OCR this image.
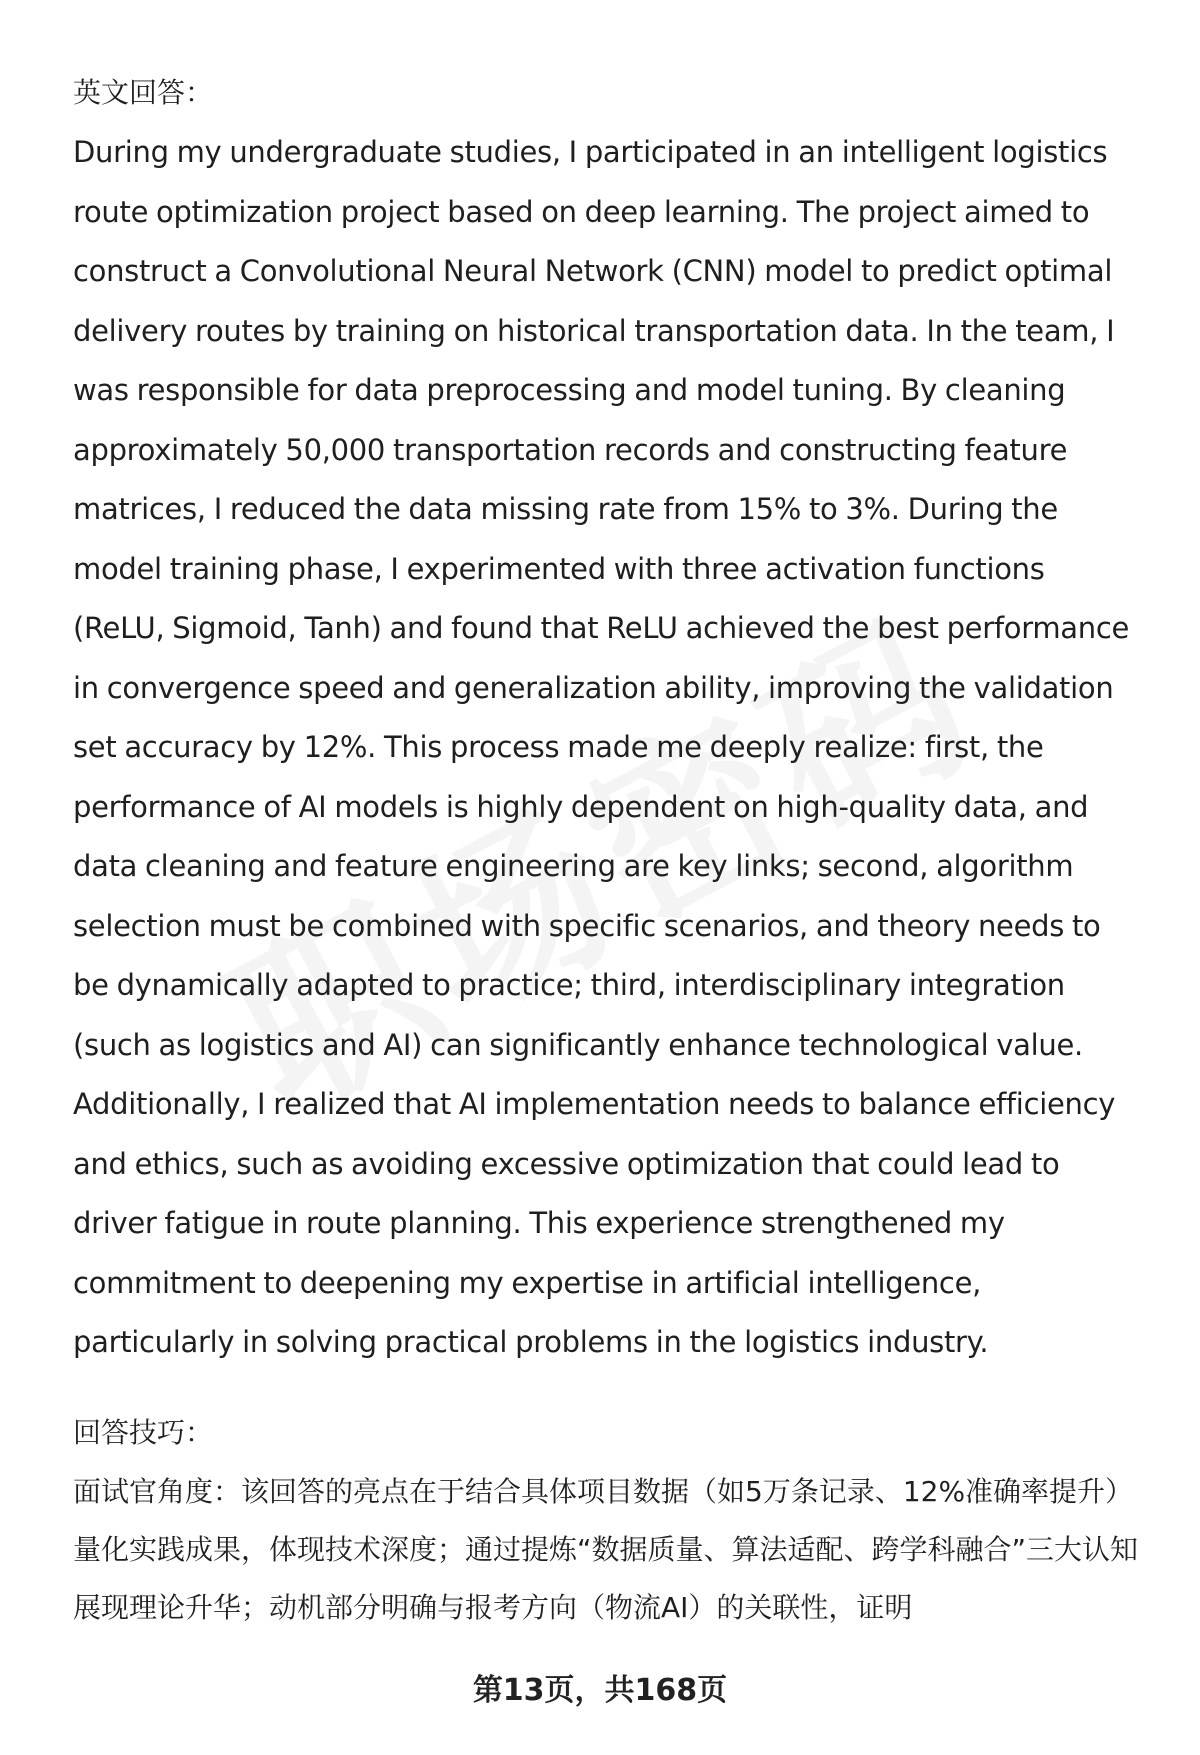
英文回答：

During my undergraduate studies, I participated in an intelligent logistics route optimization project based on deep learning. The project aimed to construct a Convolutional Neural Network (CNN) model to predict optimal delivery routes by training on historical transportation data. In the team, I was responsible for data preprocessing and model tuning. By cleaning approximately 50,000 transportation records and constructing feature matrices, I reduced the data missing rate from 15% to 3%. During the model training phase, I experimented with three activation functions (ReLU, Sigmoid, Tanh) and found that ReLU achieved the best performance in convergence speed and generalization ability, improving the validation set accuracy by 12%. This process made me deeply realize: first, the performance of AI models is highly dependent on high-quality data, and data cleaning and feature engineering are key links; second, algorithm selection must be combined with specific scenarios, and theory needs to be dynamically adapted to practice; third, interdisciplinary integration (such as logistics and AI) can significantly enhance technological value. Additionally, I realized that AI implementation needs to balance efficiency and ethics, such as avoiding excessive optimization that could lead to driver fatigue in route planning. This experience strengthened my commitment to deepening my expertise in artificial intelligence, particularly in solving practical problems in the logistics industry.

回答技巧：

面试官角度：该回答的亮点在于结合具体项目数据（如5万条记录、12%准确率提升）量化实践成果，体现技术深度；通过提炼“数据质量、算法适配、跨学科融合”三大认知展现理论升华；动机部分明确与报考方向（物流AI）的关联性，证明

第13页，共168页
